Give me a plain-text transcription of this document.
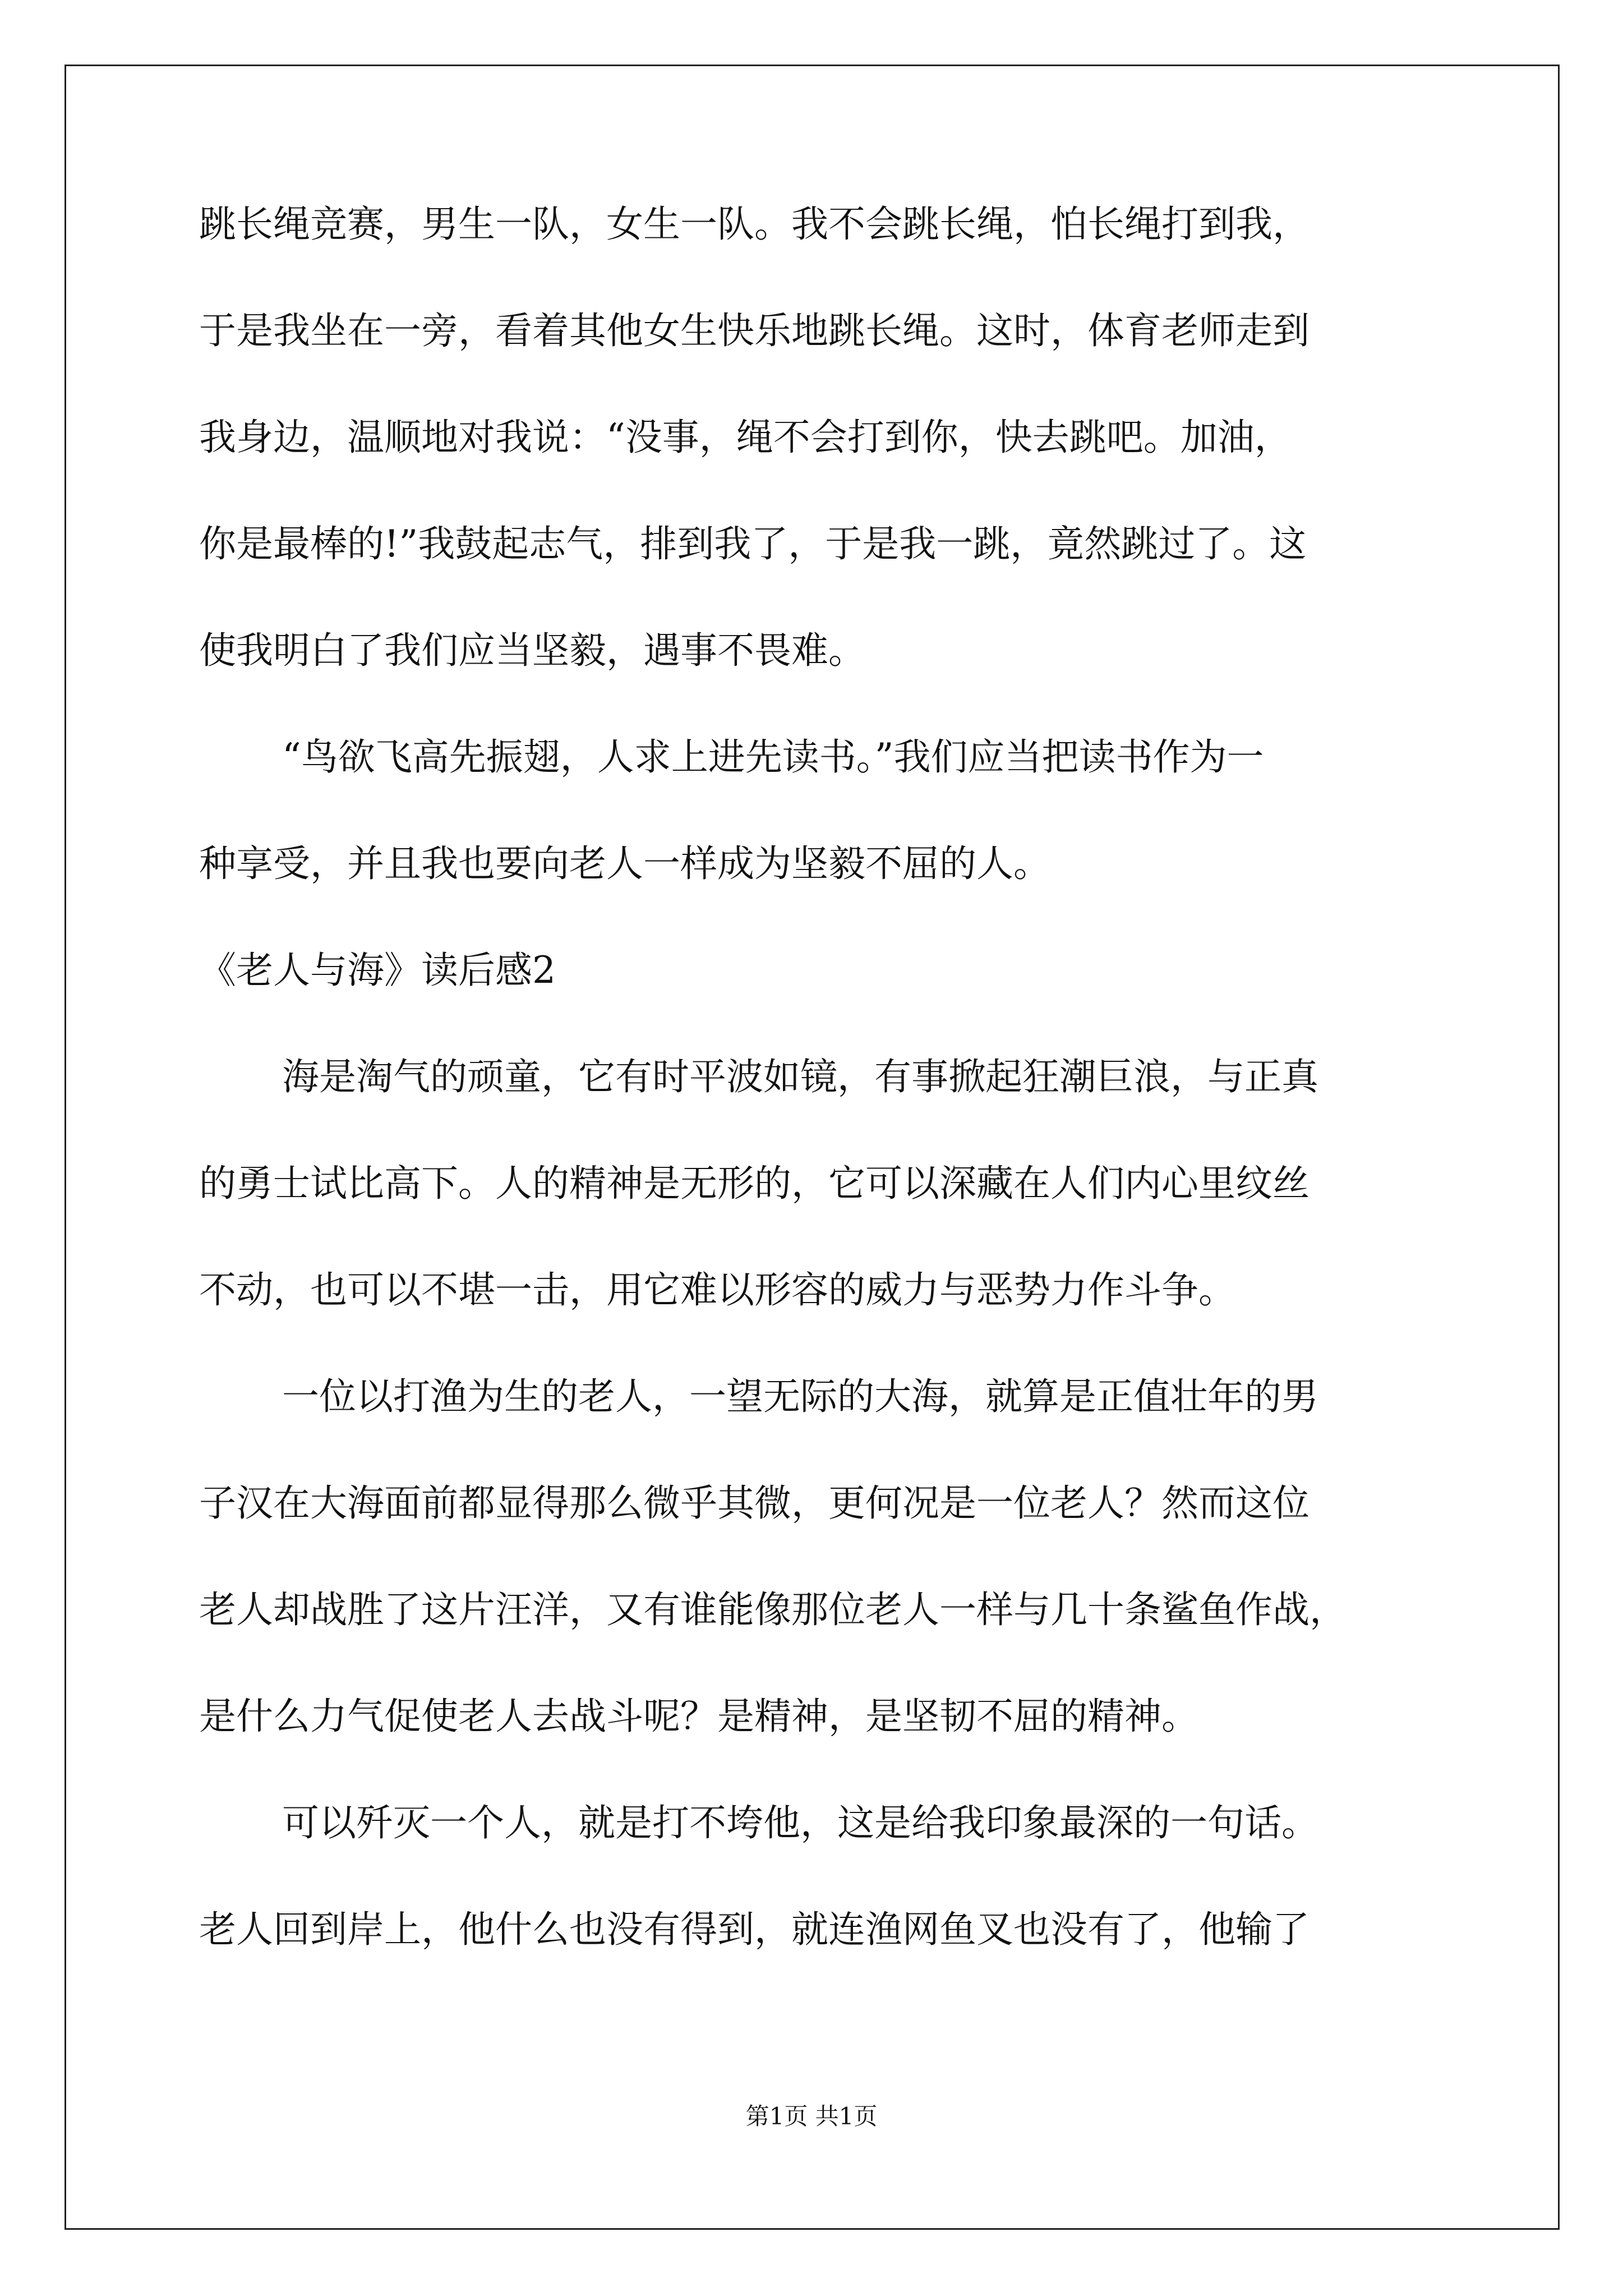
跳长绳竞赛，男生一队，女生一队。我不会跳长绳，怕长绳打到我，

于是我坐在一旁，看着其他女生快乐地跳长绳。这时，体育老师走到

我身边，温顺地对我说：“没事，绳不会打到你，快去跳吧。加油，

你是最棒的!”我鼓起志气，排到我了，于是我一跳，竟然跳过了。这

使我明白了我们应当坚毅，遇事不畏难。

“鸟欲飞高先振翅，人求上进先读书。”我们应当把读书作为一

种享受，并且我也要向老人一样成为坚毅不屈的人。

《老人与海》读后感2

海是淘气的顽童，它有时平波如镜，有事掀起狂潮巨浪，与正真

的勇士试比高下。人的精神是无形的，它可以深藏在人们内心里纹丝

不动，也可以不堪一击，用它难以形容的威力与恶势力作斗争。

一位以打渔为生的老人，一望无际的大海，就算是正值壮年的男

子汉在大海面前都显得那么微乎其微，更何况是一位老人？然而这位

老人却战胜了这片汪洋，又有谁能像那位老人一样与几十条鲨鱼作战，

是什么力气促使老人去战斗呢？是精神，是坚韧不屈的精神。

可以歼灭一个人，就是打不垮他，这是给我印象最深的一句话。

老人回到岸上，他什么也没有得到，就连渔网鱼叉也没有了，他输了

第1页 共1页
